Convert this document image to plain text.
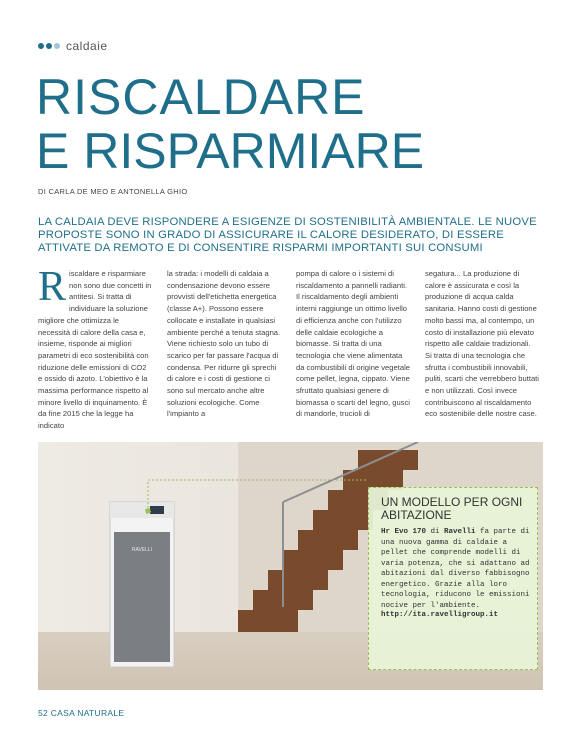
caldaie
RISCALDARE
E RISPARMIARE
DI CARLA DE MEO E ANTONELLA GHIO
LA CALDAIA DEVE RISPONDERE A ESIGENZE DI SOSTENIBILITÀ AMBIENTALE. LE NUOVE PROPOSTE SONO IN GRADO DI ASSICURARE IL CALORE DESIDERATO, DI ESSERE ATTIVATE DA REMOTO E DI CONSENTIRE RISPARMI IMPORTANTI SUI CONSUMI
R iscaldare e risparmiare non sono due concetti in antitesi. Si tratta di individuare la soluzione migliore che ottimizza le necessità di calore della casa e, insieme, risponde ai migliori parametri di eco sostenibilità con riduzione delle emissioni di CO2 e ossido di azoto. L'obiettivo è la massima performance rispetto al minore livello di inquinamento. È da fine 2015 che la legge ha indicato

la strada: i modelli di caldaia a condensazione devono essere provvisti dell'etichetta energetica (classe A+). Possono essere collocate e installate in qualsiasi ambiente perché a tenuta stagna. Viene richiesto solo un tubo di scarico per far passare l'acqua di condensa. Per ridurre gli sprechi di calore e i costi di gestione ci sono sul mercato anche altre soluzioni ecologiche. Come l'impianto a

pompa di calore o i sistemi di riscaldamento a pannelli radianti. Il riscaldamento degli ambienti interni raggiunge un ottimo livello di efficienza anche con l'utilizzo delle caldaie ecologiche a biomasse. Si tratta di una tecnologia che viene alimentata da combustibili di origine vegetale come pellet, legna, cippato. Viene sfruttato qualsiasi genere di biomassa o scarti del legno, gusci di mandorle, trucioli di

segatura... La produzione di calore è assicurata e così la produzione di acqua calda sanitaria. Hanno costi di gestione molto bassi ma, al contempo, un costo di installazione più elevato rispetto alle caldaie tradizionali. Si tratta di una tecnologia che sfrutta i combustibili innovabili, puliti, scarti che verrebbero buttati e non utilizzati. Così invece contribuiscono al riscaldamento eco sostenibile delle nostre case.

RAVELLI
UN MODELLO PER OGNI ABITAZIONE

Hr Evo 170 di Ravelli fa parte di una nuova gamma di caldaie a pellet che comprende modelli di varia potenza, che si adattano ad abitazioni dal diverso fabbisogno energetico. Grazie alla loro tecnologia, riducono le emissioni nocive per l'ambiente.

http://ita.ravelligroup.it
52 CASA NATURALE
